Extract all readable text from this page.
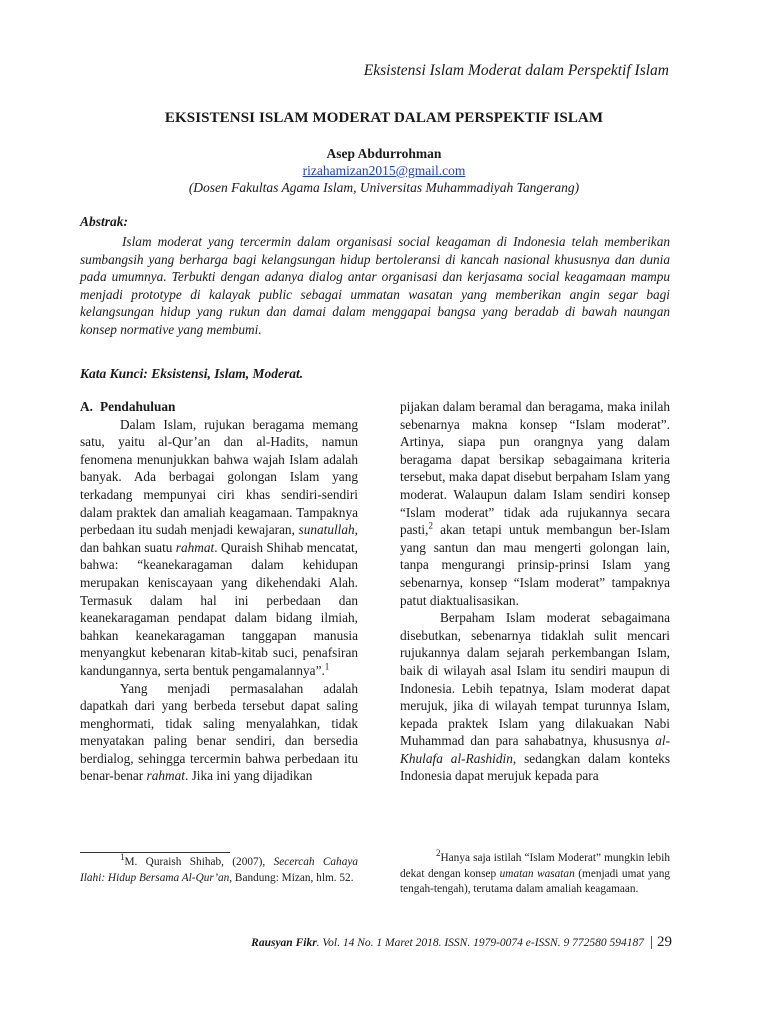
Eksistensi Islam Moderat dalam Perspektif Islam
EKSISTENSI ISLAM MODERAT DALAM PERSPEKTIF ISLAM
Asep Abdurrohman
rizahamizan2015@gmail.com
(Dosen Fakultas Agama Islam, Universitas Muhammadiyah Tangerang)
Abstrak:

Islam moderat yang tercermin dalam organisasi social keagaman di Indonesia telah memberikan sumbangsih yang berharga bagi kelangsungan hidup bertoleransi di kancah nasional khususnya dan dunia pada umumnya. Terbukti dengan adanya dialog antar organisasi dan kerjasama social keagamaan mampu menjadi prototype di kalayak public sebagai ummatan wasatan yang memberikan angin segar bagi kelangsungan hidup yang rukun dan damai dalam menggapai bangsa yang beradab di bawah naungan konsep normative yang membumi.

Kata Kunci: Eksistensi, Islam, Moderat.

A. Pendahuluan

Dalam Islam, rujukan beragama memang satu, yaitu al-Qur’an dan al-Hadits, namun fenomena menunjukkan bahwa wajah Islam adalah banyak. Ada berbagai golongan Islam yang terkadang mempunyai ciri khas sendiri-sendiri dalam praktek dan amaliah keagamaan. Tampaknya perbedaan itu sudah menjadi kewajaran, sunatullah, dan bahkan suatu rahmat. Quraish Shihab mencatat, bahwa: “keanekaragaman dalam kehidupan merupakan keniscayaan yang dikehendaki Alah. Termasuk dalam hal ini perbedaan dan keanekaragaman pendapat dalam bidang ilmiah, bahkan keanekaragaman tanggapan manusia menyangkut kebenaran kitab-kitab suci, penafsiran kandungannya, serta bentuk pengamalannya”.$^1$

Yang menjadi permasalahan adalah dapatkah dari yang berbeda tersebut dapat saling menghormati, tidak saling menyalahkan, tidak menyatakan paling benar sendiri, dan bersedia berdialog, sehingga tercermin bahwa perbedaan itu benar-benar rahmat. Jika ini yang dijadikan

pijakan dalam beramal dan beragama, maka inilah sebenarnya makna konsep “Islam moderat”. Artinya, siapa pun orangnya yang dalam beragama dapat bersikap sebagaimana kriteria tersebut, maka dapat disebut berpaham Islam yang moderat. Walaupun dalam Islam sendiri konsep “Islam moderat” tidak ada rujukannya secara pasti,$^2$ akan tetapi untuk membangun ber-Islam yang santun dan mau mengerti golongan lain, tanpa mengurangi prinsip-prinsi Islam yang sebenarnya, konsep “Islam moderat” tampaknya patut diaktualisasikan.

Berpaham Islam moderat sebagaimana disebutkan, sebenarnya tidaklah sulit mencari rujukannya dalam sejarah perkembangan Islam, baik di wilayah asal Islam itu sendiri maupun di Indonesia. Lebih tepatnya, Islam moderat dapat merujuk, jika di wilayah tempat turunnya Islam, kepada praktek Islam yang dilakuakan Nabi Muhammad dan para sahabatnya, khususnya al-Khulafa al-Rashidin, sedangkan dalam konteks Indonesia dapat merujuk kepada para

$^1$M. Quraish Shihab, (2007), Secercah Cahaya Ilahi: Hidup Bersama Al-Qur’an, Bandung: Mizan, hlm. 52.

$^2$Hanya saja istilah “Islam Moderat” mungkin lebih dekat dengan konsep umatan wasatan (menjadi umat yang tengah-tengah), terutama dalam amaliah keagamaan.

Rausyan Fikr. Vol. 14 No. 1 Maret 2018. ISSN. 1979-0074 e-ISSN. 9 772580 594187 | 29
